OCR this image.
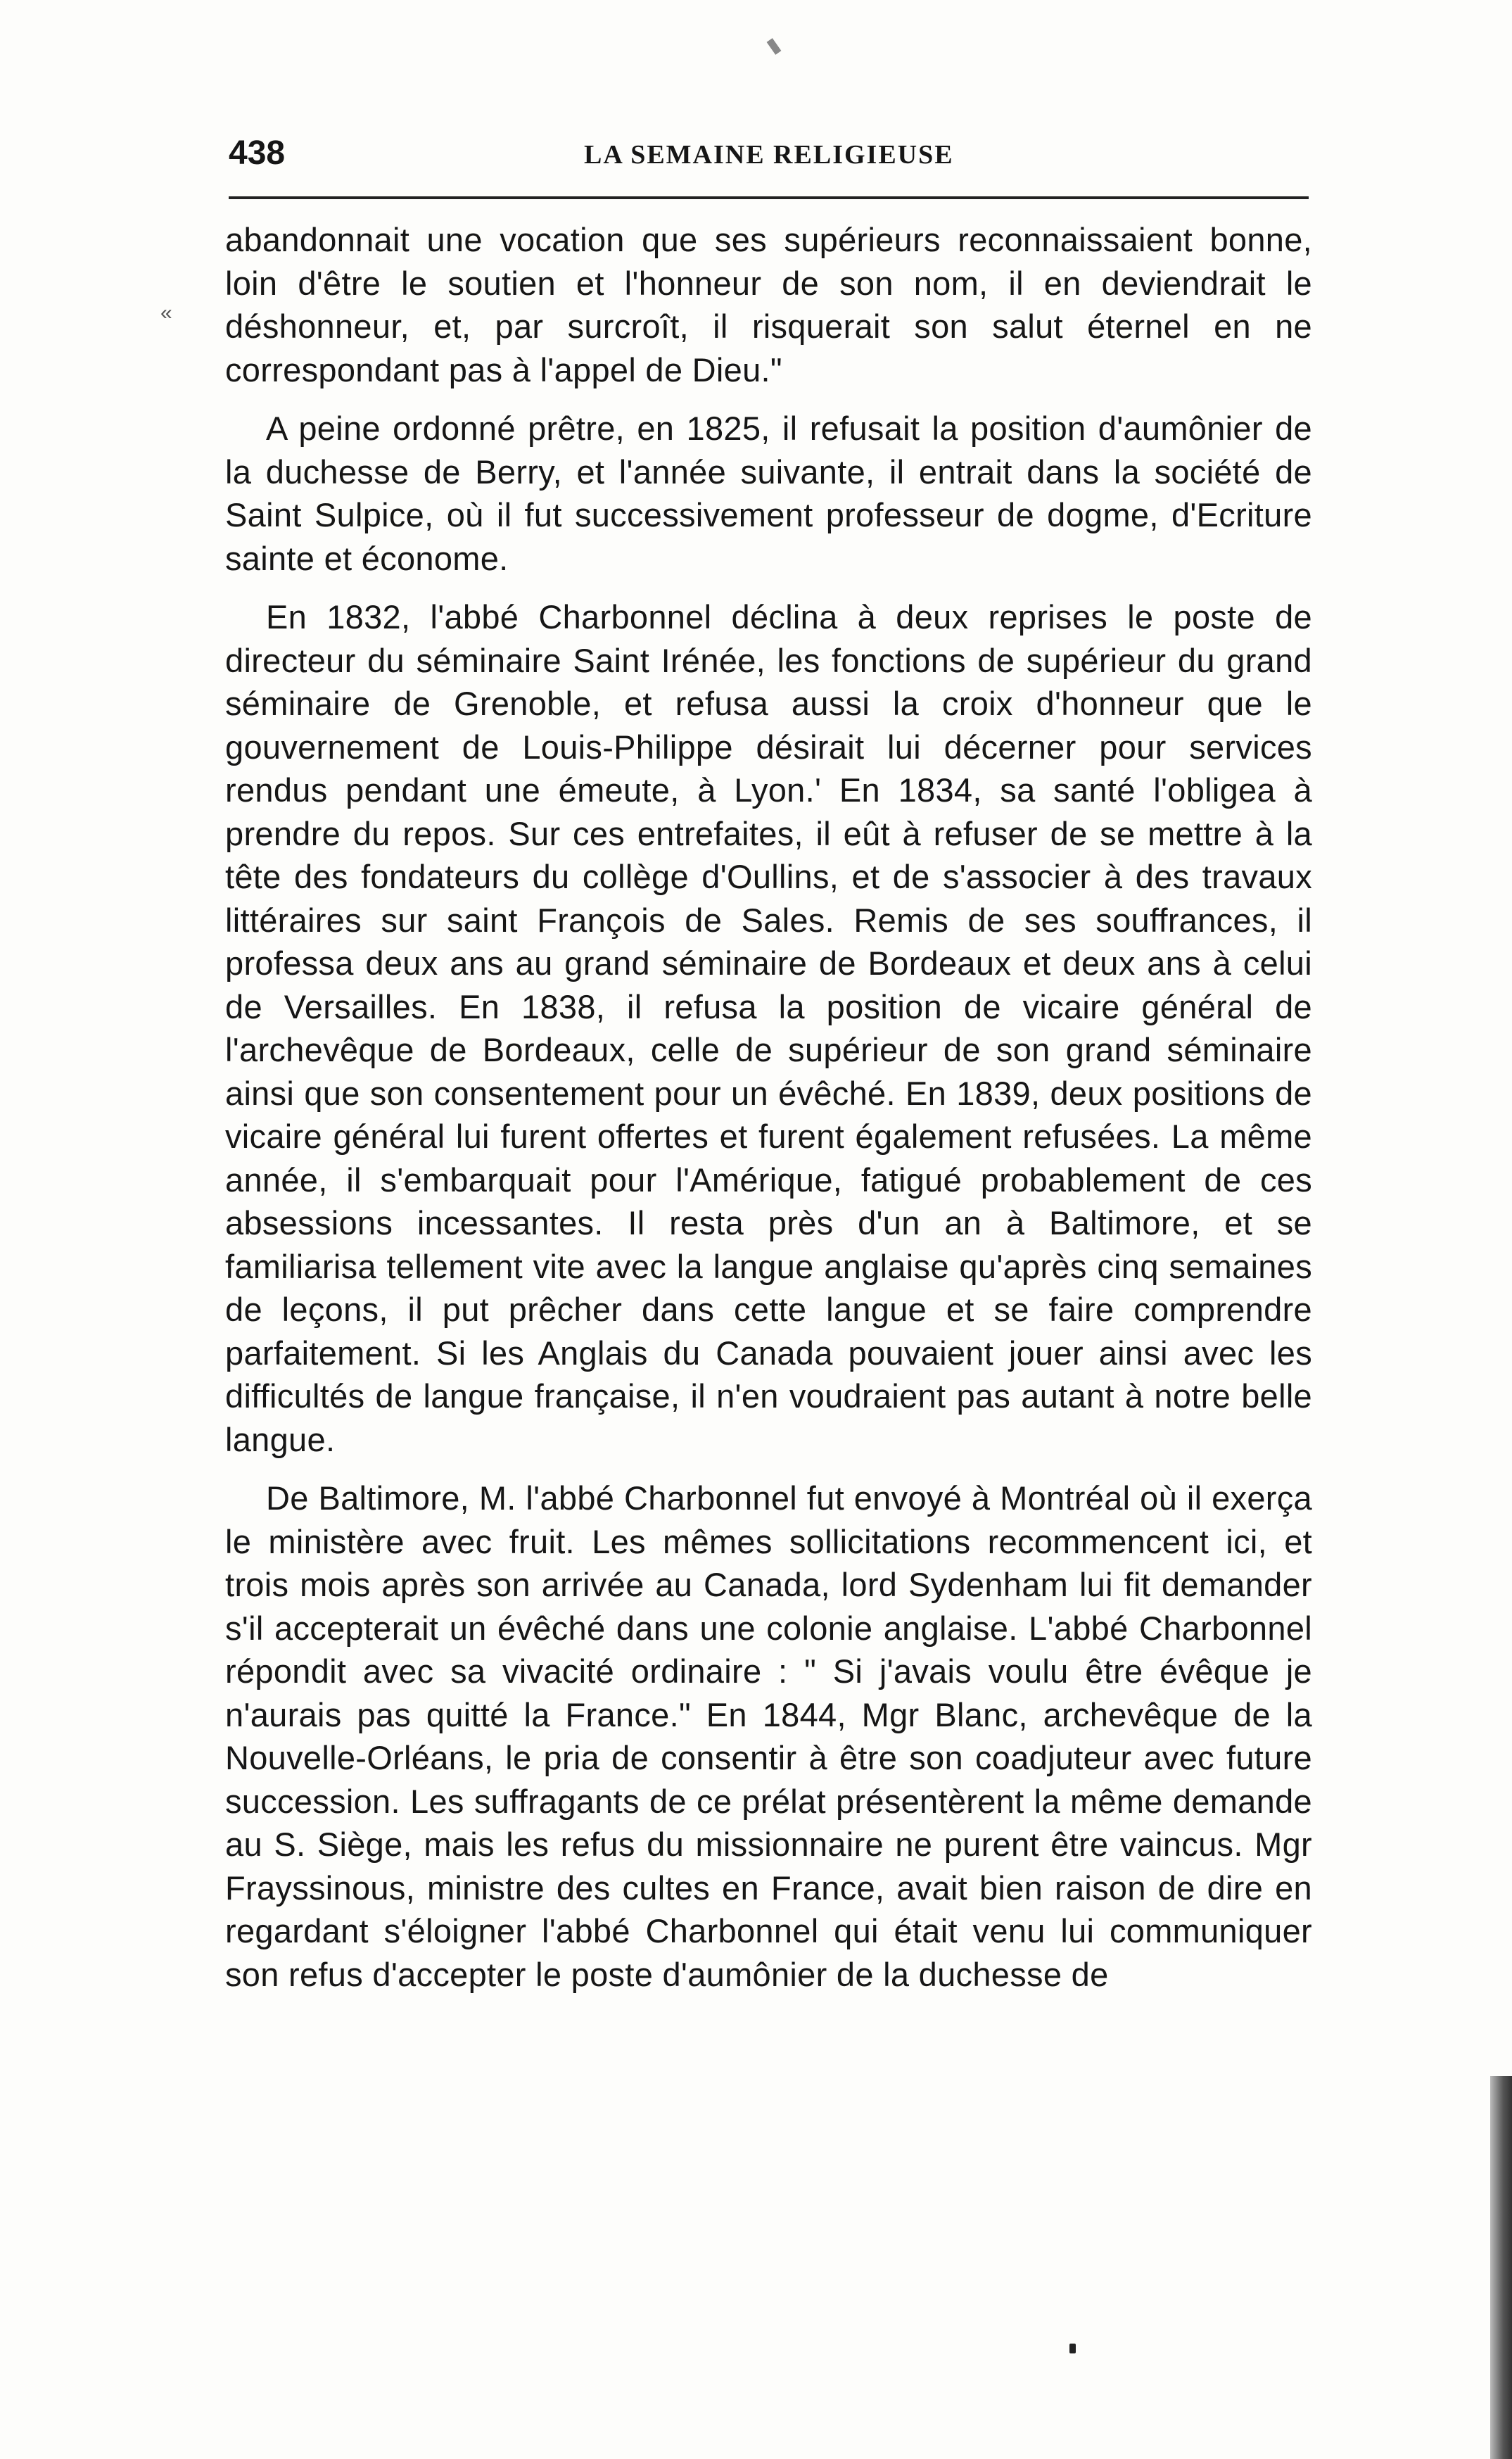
438	LA SEMAINE RELIGIEUSE
«

abandonnait une vocation que ses supérieurs reconnaissaient bonne, loin d'être le soutien et l'honneur de son nom, il en deviendrait le déshonneur, et, par surcroît, il risquerait son salut éternel en ne correspondant pas à l'appel de Dieu."

A peine ordonné prêtre, en 1825, il refusait la position d'aumônier de la duchesse de Berry, et l'année suivante, il entrait dans la société de Saint Sulpice, où il fut successivement professeur de dogme, d'Ecriture sainte et économe.

En 1832, l'abbé Charbonnel déclina à deux reprises le poste de directeur du séminaire Saint Irénée, les fonctions de supérieur du grand séminaire de Grenoble, et refusa aussi la croix d'honneur que le gouvernement de Louis-Philippe désirait lui décerner pour services rendus pendant une émeute, à Lyon.' En 1834, sa santé l'obligea à prendre du repos. Sur ces entrefaites, il eût à refuser de se mettre à la tête des fondateurs du collège d'Oullins, et de s'associer à des travaux littéraires sur saint François de Sales. Remis de ses souffrances, il professa deux ans au grand séminaire de Bordeaux et deux ans à celui de Versailles. En 1838, il refusa la position de vicaire général de l'archevêque de Bordeaux, celle de supérieur de son grand séminaire ainsi que son consentement pour un évêché. En 1839, deux positions de vicaire général lui furent offertes et furent également refusées. La même année, il s'embarquait pour l'Amérique, fatigué probablement de ces absessions incessantes. Il resta près d'un an à Baltimore, et se familiarisa tellement vite avec la langue anglaise qu'après cinq semaines de leçons, il put prêcher dans cette langue et se faire comprendre parfaitement. Si les Anglais du Canada pouvaient jouer ainsi avec les difficultés de langue française, il n'en voudraient pas autant à notre belle langue.

De Baltimore, M. l'abbé Charbonnel fut envoyé à Montréal où il exerça le ministère avec fruit. Les mêmes sollicitations recommencent ici, et trois mois après son arrivée au Canada, lord Sydenham lui fit demander s'il accepterait un évêché dans une colonie anglaise. L'abbé Charbonnel répondit avec sa vivacité ordinaire : " Si j'avais voulu être évêque je n'aurais pas quitté la France." En 1844, Mgr Blanc, archevêque de la Nouvelle-Orléans, le pria de consentir à être son coadjuteur avec future succession. Les suffragants de ce prélat présentèrent la même demande au S. Siège, mais les refus du missionnaire ne purent être vaincus. Mgr Frayssinous, ministre des cultes en France, avait bien raison de dire en regardant s'éloigner l'abbé Charbonnel qui était venu lui communiquer son refus d'accepter le poste d'aumônier de la duchesse de
